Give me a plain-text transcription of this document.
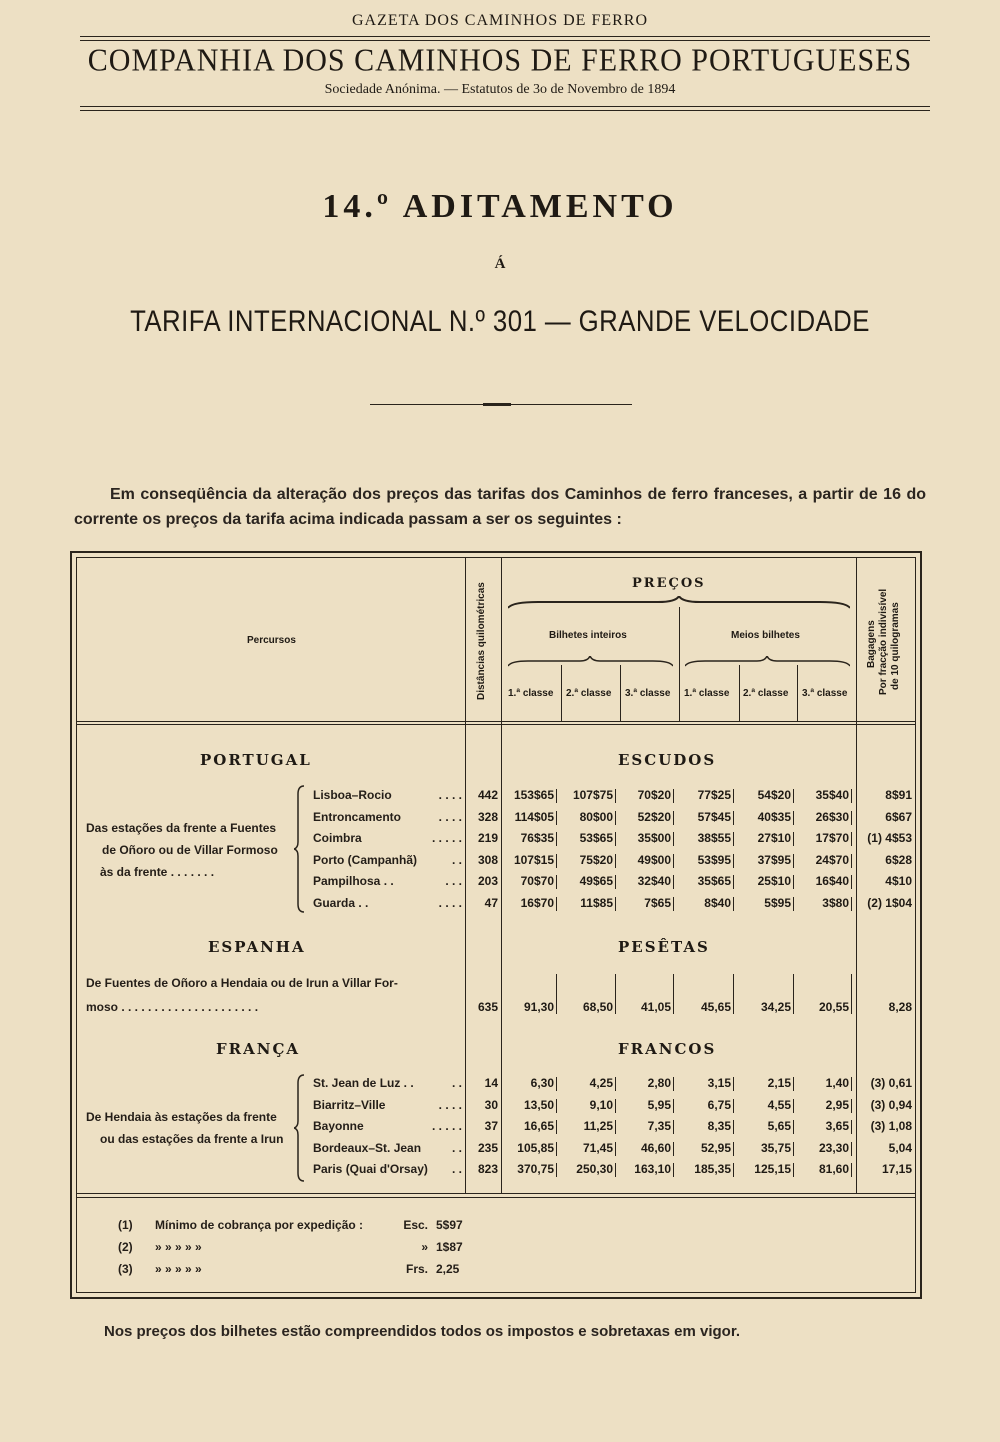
GAZETA DOS CAMINHOS DE FERRO
COMPANHIA DOS CAMINHOS DE FERRO PORTUGUESES
Sociedade Anónima. — Estatutos de 3o de Novembro de 1894
14.º ADITAMENTO
Á
TARIFA INTERNACIONAL N.º 301 — GRANDE VELOCIDADE
Em conseqüência da alteração dos preços das tarifas dos Caminhos de ferro franceses, a partir de 16 do corrente os preços da tarifa acima indicada passam a ser os seguintes :
Percursos	Distâncias quilométricas	PREÇOS
Bilhetes inteiros	Meios bilhetes
1.ª classe 2.ª classe 3.ª classe 1.ª classe 2.ª classe 3.ª classe
Bagagens Por fracção indivisível de 10 quilogramas
PORTUGAL	ESCUDOS
Das estações da frente a Fuentes
de Oñoro ou de Villar Formoso
às da frente . . . . . . .
Lisboa–Rocio	. . . .	442	153$65	107$75	70$20	77$25	54$20	35$40	8$91
Entroncamento	. . . .	328	114$05	80$00	52$20	57$45	40$35	26$30	6$67
Coimbra	. . . . .	219	76$35	53$65	35$00	38$55	27$10	17$70	(1) 4$53
Porto (Campanhã)	. .	308	107$15	75$20	49$00	53$95	37$95	24$70	6$28
Pampilhosa . .	. . .	203	70$70	49$65	32$40	35$65	25$10	16$40	4$10
Guarda . .	. . . .	47	16$70	11$85	7$65	8$40	5$95	3$80	(2) 1$04
ESPANHA	PESÊTAS
De Fuentes de Oñoro a Hendaia ou de Irun a Villar For-
moso . . . . . . . . . . . . . . . . . . . . .	635	91,30	68,50	41,05	45,65	34,25	20,55	8,28
FRANÇA	FRANCOS
De Hendaia às estações da frente
ou das estações da frente a Irun
St. Jean de Luz . .	. .	14	6,30	4,25	2,80	3,15	2,15	1,40	(3) 0,61
Biarritz–Ville	. . . .	30	13,50	9,10	5,95	6,75	4,55	2,95	(3) 0,94
Bayonne	. . . . .	37	16,65	11,25	7,35	8,35	5,65	3,65	(3) 1,08
Bordeaux–St. Jean	. .	235	105,85	71,45	46,60	52,95	35,75	23,30	5,04
Paris (Quai d'Orsay)	. .	823	370,75	250,30	163,10	185,35	125,15	81,60	17,15
(1) Mínimo de cobrança por expedição :	Esc. 5$97
(2) » » » » »	» 1$87
(3) » » » » »	Frs. 2,25
Nos preços dos bilhetes estão compreendidos todos os impostos e sobretaxas em vigor.
